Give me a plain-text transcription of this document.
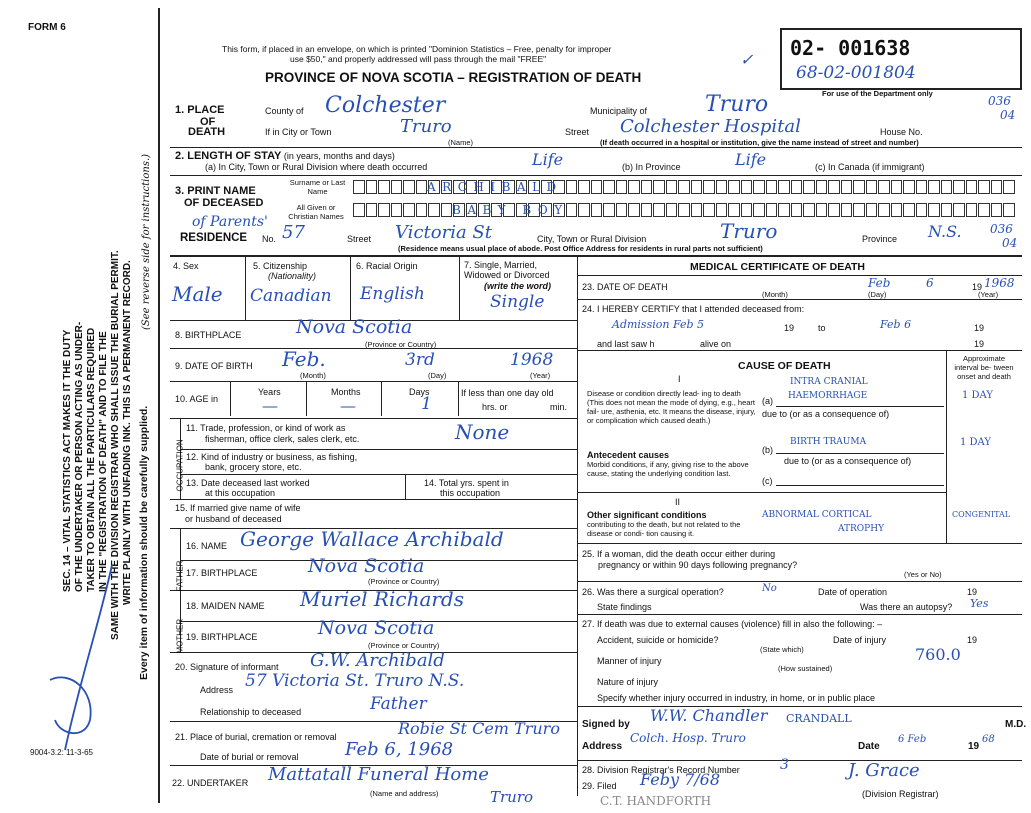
FORM 6
This form, if placed in an envelope, on which is printed "Dominion Statistics – Free, penalty for improper
use $50," and properly addressed will pass through the mail "FREE"
PROVINCE OF NOVA SCOTIA – REGISTRATION OF DEATH
02- 001638
68-02-001804
For use of the Department only
✓
SEC. 14 – VITAL STATISTICS ACT MAKES IT THE DUTY OF THE UNDERTAKER OR PERSON ACTING AS UNDER- TAKER TO OBTAIN ALL THE PARTICULARS REQUIRED IN THE "REGISTRATION OF DEATH" AND TO FILE THE SAME WITH THE DIVISION REGISTRAR WHO SHALL ISSUE THE BURIAL PERMIT. WRITE PLAINLY WITH UNFADING INK. THIS IS A PERMANENT RECORD. Every item of information should be carefully supplied.
(See reverse side for instructions.)
9004-3.2: 11-3-65
1. PLACE
OF
DEATH
County of Colchester	Municipality of	Truro	036
04
If in City or Town	Truro
(Name)
Street Colchester Hospital	House No.
(If death occurred in a hospital or institution, give the name instead of street and number)
2. LENGTH OF STAY (in years, months and days)
(a) In City, Town or Rural Division where death occurred	Life	(b) In Province	Life	(c) In Canada (if immigrant)
3. PRINT NAME
OF DECEASED
Surname or Last Name
All Given or Christian Names
ARCHIBALD
BABY BOY
of Parents'
RESIDENCE No. 57	Street Victoria St	City, Town or Rural Division	Truro	Province N.S. 036
04
(Residence means usual place of abode. Post Office Address for residents in rural parts not sufficient)
4. Sex
Male
5. Citizenship
(Nationality)
Canadian
6. Racial Origin
English
7. Single, Married, Widowed or Divorced
(write the word)
Single
8. BIRTHPLACE	Nova Scotia
(Province or Country)
9. DATE OF BIRTH Feb.	3rd	1968
(Month)	(Day)	(Year)
10. AGE in
Years	Months	Days
—	—	1
If less than one day old
hrs. or	min.
OCCUPATION
11. Trade, profession, or kind of work as
fisherman, office clerk, sales clerk, etc.	None
12. Kind of industry or business, as fishing,
bank, grocery store, etc.
13. Date deceased last worked
at this occupation
14. Total yrs. spent in
this occupation
15. If married give name of wife
or husband of deceased
FATHER
16. NAME George Wallace Archibald
17. BIRTHPLACE	Nova Scotia
(Province or Country)
MOTHER
18. MAIDEN NAME Muriel Richards
19. BIRTHPLACE	Nova Scotia
(Province or Country)
20. Signature of informant G.W. Archibald
Address 57 Victoria St. Truro N.S.
Relationship to deceased	Father
21. Place of burial, cremation or removal	Robie St Cem Truro
Date of burial or removal	Feb 6, 1968
22. UNDERTAKER Mattatall Funeral Home
(Name and address)	Truro
MEDICAL CERTIFICATE OF DEATH
23. DATE OF DEATH	Feb	6	19 1968
(Month)	(Day)	(Year)
24. I HEREBY CERTIFY that I attended deceased from:
Admission Feb 5	19	to	Feb 6	19
and last saw h	alive on	19
CAUSE OF DEATH
Approximate interval be- tween onset and death
I
Disease or condition directly lead- ing to death (This does not mean the mode of dying, e.g., heart fail- ure, asthenia, etc. It means the disease, injury, or complication which caused death.)
INTRA CRANIAL
(a) HAEMORRHAGE	1 DAY
due to (or as a consequence of)
Antecedent causes
Morbid conditions, if any, giving rise to the above cause, stating the underlying condition last.
(b)
BIRTH TRAUMA	1 DAY
due to (or as a consequence of)
(c)
II
Other significant conditions
contributing to the death, but not related to the disease or condi- tion causing it.
ABNORMAL CORTICAL
ATROPHY
CONGENITAL
25. If a woman, did the death occur either during
pregnancy or within 90 days following pregnancy?
(Yes or No)
26. Was there a surgical operation?	No	Date of operation	19
State findings	Was there an autopsy? Yes
27. If death was due to external causes (violence) fill in also the following: –
Accident, suicide or homicide?	Date of injury	19
(State which)
Manner of injury	760.0
(How sustained)
Nature of injury
Specify whether injury occurred in industry, in home, or in public place
Signed by W.W. Chandler CRANDALL	M.D.
Address
Colch. Hosp. Truro
Date
6 Feb
19
68
28. Division Registrar's Record Number	3
29. Filed Feby 7/68	J. Grace
(Division Registrar)
C.T. HANDFORTH
